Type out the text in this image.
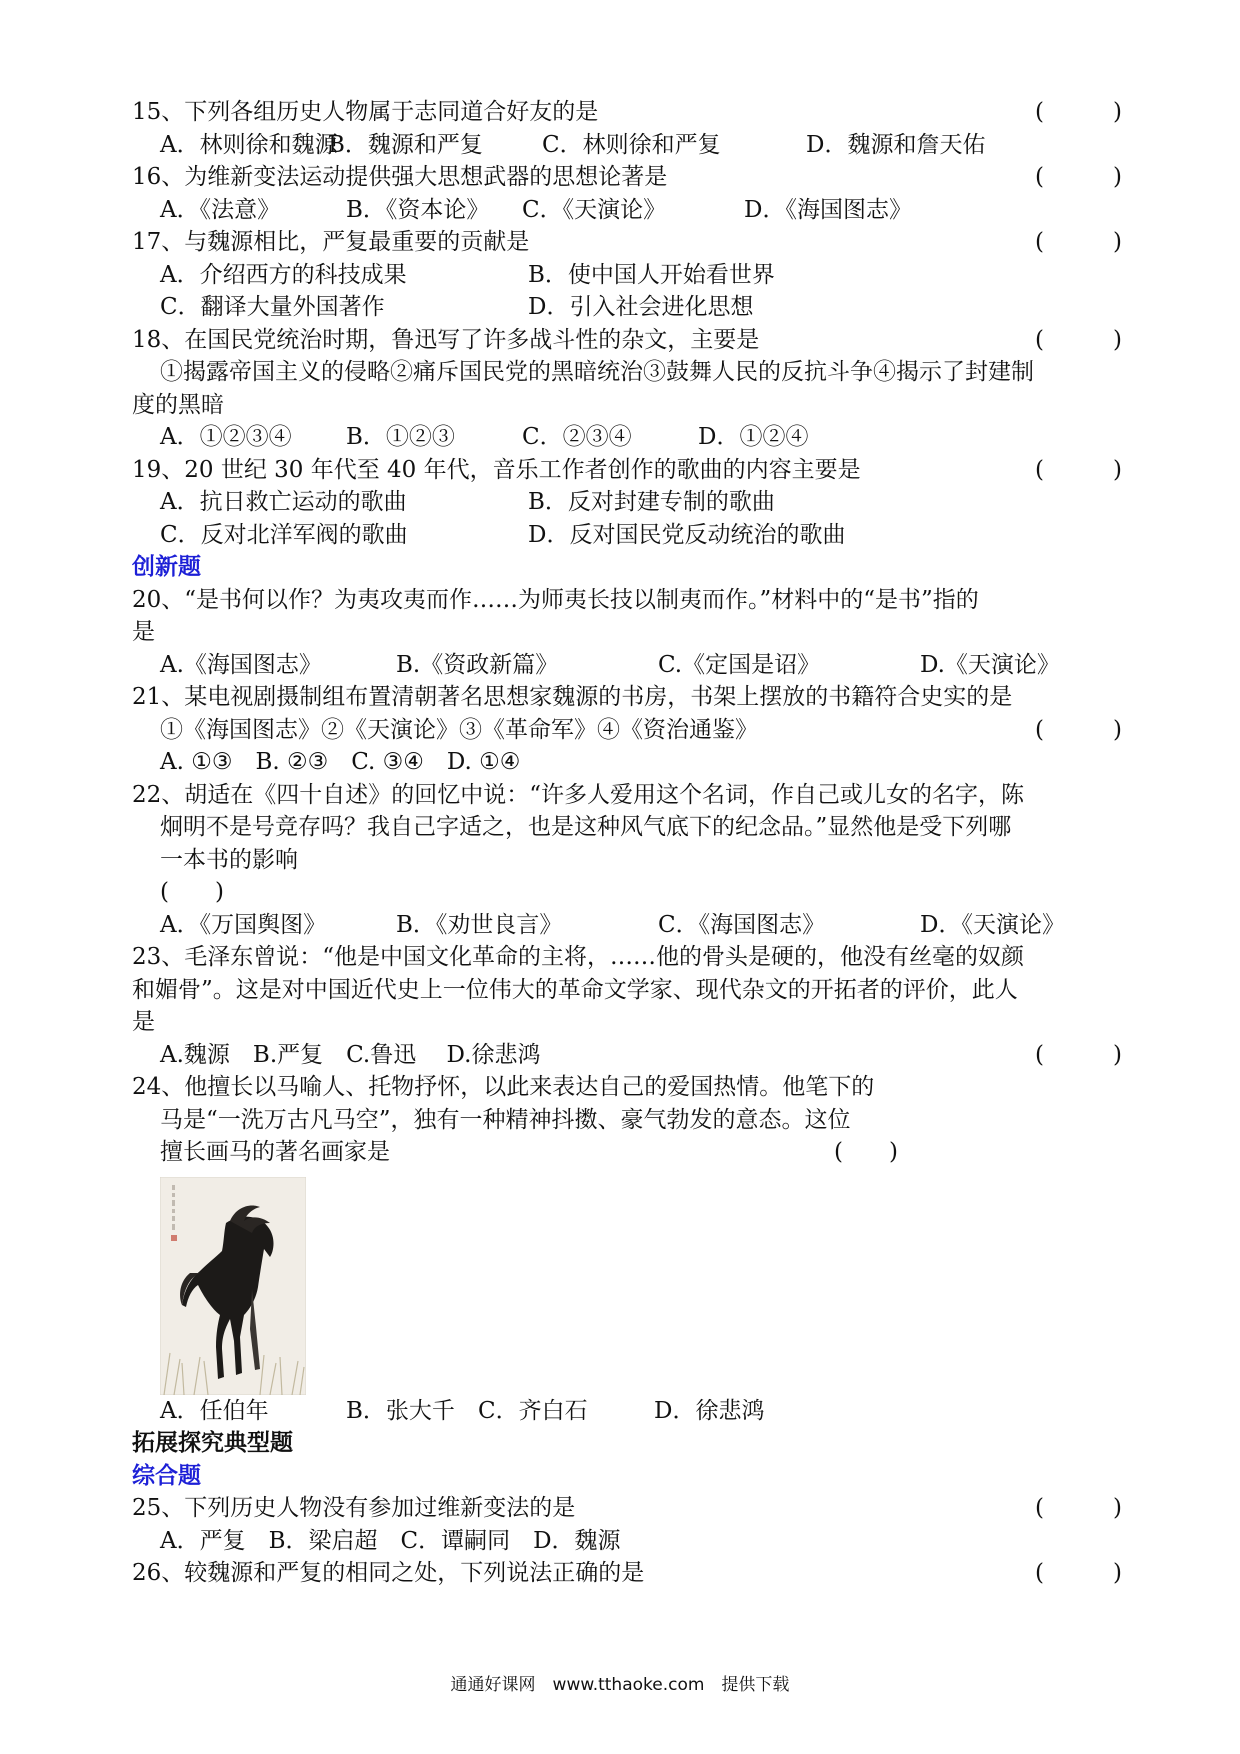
15、下列各组历史人物属于志同道合好友的是	(　　　)
A．林则徐和魏源
B．魏源和严复	C．林则徐和严复	D．魏源和詹天佑
16、为维新变法运动提供强大思想武器的思想论著是	(　　　)
A．《法意》	B．《资本论》	C．《天演论》	D．《海国图志》
17、与魏源相比，严复最重要的贡献是	(　　　)
A．介绍西方的科技成果	B．使中国人开始看世界
C．翻译大量外国著作	D．引入社会进化思想
18、在国民党统治时期，鲁迅写了许多战斗性的杂文，主要是	(　　　)
①揭露帝国主义的侵略②痛斥国民党的黑暗统治③鼓舞人民的反抗斗争④揭示了封建制
度的黑暗
A．①②③④	B．①②③	C．②③④	D．①②④
19、20 世纪 30 年代至 40 年代，音乐工作者创作的歌曲的内容主要是	(　　　)
A．抗日救亡运动的歌曲	B．反对封建专制的歌曲
C．反对北洋军阀的歌曲	D．反对国民党反动统治的歌曲
创新题
20、“是书何以作？为夷攻夷而作……为师夷长技以制夷而作。”材料中的“是书”指的
是
A.《海国图志》	B.《资政新篇》	C.《定国是诏》	D.《天演论》
21、某电视剧摄制组布置清朝著名思想家魏源的书房，书架上摆放的书籍符合史实的是
①《海国图志》②《天演论》③《革命军》④《资治通鉴》	(　　　)
A. ①③　B. ②③　C. ③④　D. ①④
22、胡适在《四十自述》的回忆中说：“许多人爱用这个名词，作自己或儿女的名字，陈
炯明不是号竞存吗？我自己字适之，也是这种风气底下的纪念品。”显然他是受下列哪
一本书的影响
(　　)
A．《万国舆图》	B．《劝世良言》	C．《海国图志》	D．《天演论》
23、毛泽东曾说：“他是中国文化革命的主将，……他的骨头是硬的，他没有丝毫的奴颜
和媚骨”。这是对中国近代史上一位伟大的革命文学家、现代杂文的开拓者的评价，此人
是
A.魏源　B.严复　C.鲁迅　 D.徐悲鸿	(　　　)
24、他擅长以马喻人、托物抒怀，以此来表达自己的爱国热情。他笔下的
马是“一洗万古凡马空”，独有一种精神抖擞、豪气勃发的意态。这位
擅长画马的著名画家是	(　　)
A．任伯年	B．张大千	C．齐白石	D．徐悲鸿
拓展探究典型题
综合题
25、下列历史人物没有参加过维新变法的是	(　　　)
A．严复　B．梁启超　C．谭嗣同　D．魏源
26、较魏源和严复的相同之处，下列说法正确的是	(　　　)
通通好课网　www.tthaoke.com　提供下载
